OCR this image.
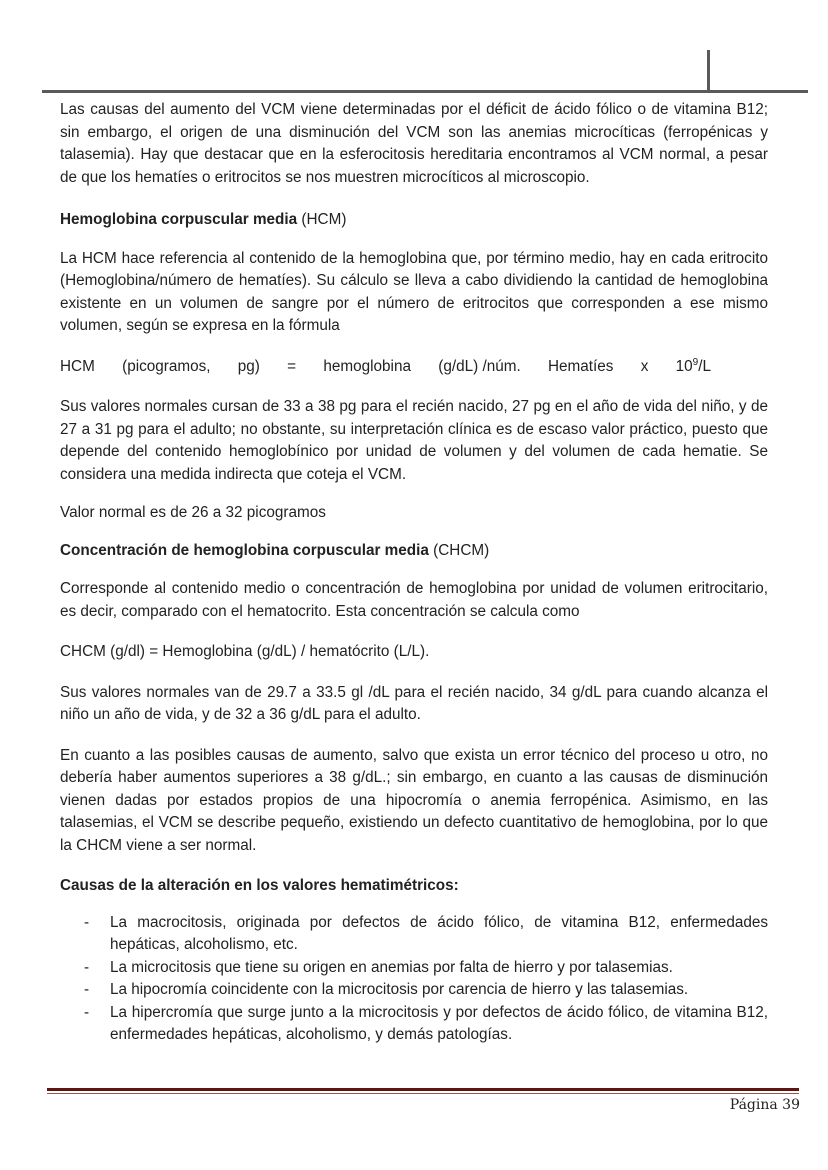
Las causas del aumento del VCM viene determinadas por el déficit de ácido fólico o de vitamina B12; sin embargo, el origen de una disminución del VCM son las anemias microcíticas (ferropénicas y talasemia). Hay que destacar que en la esferocitosis hereditaria encontramos al VCM normal, a pesar de que los hematíes o eritrocitos se nos muestren microcíticos al microscopio.

Hemoglobina corpuscular media (HCM)

La HCM hace referencia al contenido de la hemoglobina que, por término medio, hay en cada eritrocito (Hemoglobina/número de hematíes). Su cálculo se lleva a cabo dividiendo la cantidad de hemoglobina existente en un volumen de sangre por el número de eritrocitos que corresponden a ese mismo volumen, según se expresa en la fórmula

HCM (picogramos, pg) = hemoglobina (g/dL) /núm. Hematíes x $10^9/L$

Sus valores normales cursan de 33 a 38 pg para el recién nacido, 27 pg en el año de vida del niño, y de 27 a 31 pg para el adulto; no obstante, su interpretación clínica es de escaso valor práctico, puesto que depende del contenido hemoglobínico por unidad de volumen y del volumen de cada hematie. Se considera una medida indirecta que coteja el VCM.

Valor normal es de 26 a 32 picogramos

Concentración de hemoglobina corpuscular media (CHCM)

Corresponde al contenido medio o concentración de hemoglobina por unidad de volumen eritrocitario, es decir, comparado con el hematocrito. Esta concentración se calcula como

CHCM (g/dl) = Hemoglobina (g/dL) / hematócrito (L/L).

Sus valores normales van de 29.7 a 33.5 gl /dL para el recién nacido, 34 g/dL para cuando alcanza el niño un año de vida, y de 32 a 36 g/dL para el adulto.

En cuanto a las posibles causas de aumento, salvo que exista un error técnico del proceso u otro, no debería haber aumentos superiores a 38 g/dL.; sin embargo, en cuanto a las causas de disminución vienen dadas por estados propios de una hipocromía o anemia ferropénica. Asimismo, en las talasemias, el VCM se describe pequeño, existiendo un defecto cuantitativo de hemoglobina, por lo que la CHCM viene a ser normal.

Causas de la alteración en los valores hematimétricos:

- La macrocitosis, originada por defectos de ácido fólico, de vitamina B12, enfermedades hepáticas, alcoholismo, etc.
- La microcitosis que tiene su origen en anemias por falta de hierro y por talasemias.
- La hipocromía coincidente con la microcitosis por carencia de hierro y las talasemias.
- La hipercromía que surge junto a la microcitosis y por defectos de ácido fólico, de vitamina B12, enfermedades hepáticas, alcoholismo, y demás patologías.
Página 39
